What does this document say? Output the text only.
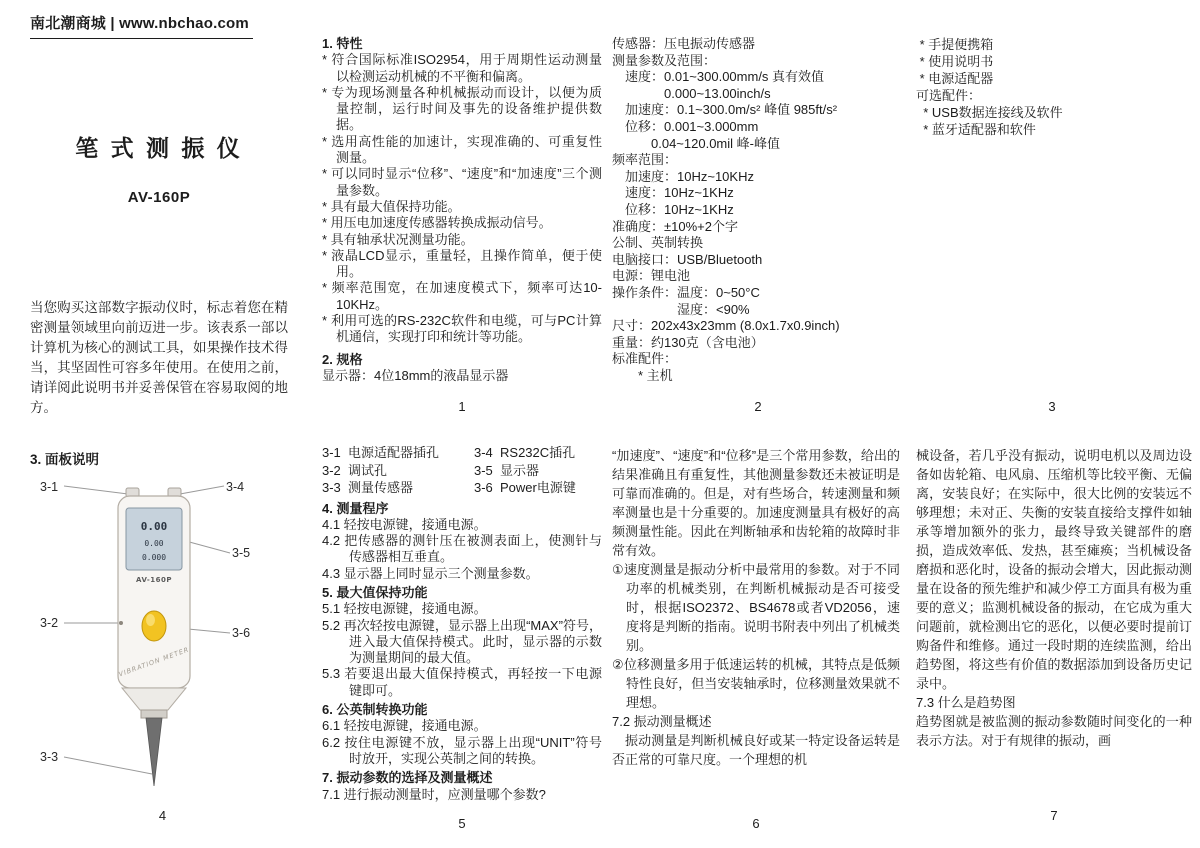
南北潮商城 | www.nbchao.com
笔 式 测 振 仪
AV-160P

当您购买这部数字振动仪时，标志着您在精密测量领域里向前迈进一步。该表系一部以计算机为核心的测试工具，如果操作技术得当，其坚固性可容多年使用。在使用之前，请详阅此说明书并妥善保管在容易取阅的地方。

3. 面板说明
0.00
0.00
0.000
AV-160P
VIBRATION METER
3-1	3-4
3-5
3-2
3-6
3-3
4
1. 特性
* 符合国际标准ISO2954，用于周期性运动测量以检测运动机械的不平衡和偏离。
* 专为现场测量各种机械振动而设计，以便为质量控制，运行时间及事先的设备维护提供数据。
* 选用高性能的加速计，实现准确的、可重复性测量。
* 可以同时显示“位移”、“速度”和“加速度”三个测量参数。
* 具有最大值保持功能。
* 用压电加速度传感器转换成振动信号。
* 具有轴承状况测量功能。
* 液晶LCD显示，重量轻，且操作简单，便于使用。
* 频率范围宽，在加速度模式下，频率可达10-10KHz。
* 利用可选的RS-232C软件和电缆，可与PC计算机通信，实现打印和统计等功能。
2. 规格
显示器：4位18mm的液晶显示器
1
传感器：压电振动传感器
测量参数及范围：
　速度：0.01~300.00mm/s 真有效值
　　　　0.000~13.00inch/s
　加速度：0.1~300.0m/s² 峰值 985ft/s²
　位移：0.001~3.000mm
　　　0.04~120.0mil 峰-峰值
频率范围：
　加速度：10Hz~10KHz
　速度：10Hz~1KHz
　位移：10Hz~1KHz
准确度：±10%+2个字
公制、英制转换
电脑接口：USB/Bluetooth
电源：锂电池
操作条件：温度：0~50°C
　　　　　湿度：<90%
尺寸：202x43x23mm (8.0x1.7x0.9inch)
重量：约130克（含电池）
标准配件：
　　* 主机
2
* 手提便携箱
* 使用说明书
* 电源适配器
可选配件：
* USB数据连接线及软件
* 蓝牙适配器和软件
3
3-1  电源适配器插孔
3-2  调试孔
3-3  测量传感器
3-4  RS232C插孔
3-5  显示器
3-6  Power电源键
4. 测量程序
4.1 轻按电源键，接通电源。
4.2 把传感器的测针压在被测表面上，使测针与传感器相互垂直。
4.3 显示器上同时显示三个测量参数。
5. 最大值保持功能
5.1 轻按电源键，接通电源。
5.2 再次轻按电源键，显示器上出现“MAX”符号，进入最大值保持模式。此时，显示器的示数为测量期间的最大值。
5.3 若要退出最大值保持模式，再轻按一下电源键即可。
6. 公英制转换功能
6.1 轻按电源键，接通电源。
6.2 按住电源键不放，显示器上出现“UNIT”符号时放开，实现公英制之间的转换。
7. 振动参数的选择及测量概述
7.1 进行振动测量时，应测量哪个参数?
5

“加速度”、“速度”和“位移”是三个常用参数，给出的结果准确且有重复性，其他测量参数还未被证明是可靠而准确的。但是，对有些场合，转速测量和频率测量也是十分重要的。加速度测量具有极好的高频测量性能。因此在判断轴承和齿轮箱的故障时非常有效。

①速度测量是振动分析中最常用的参数。对于不同功率的机械类别，在判断机械振动是否可接受时，根据ISO2372、BS4678或者VD2056，速度将是判断的指南。说明书附表中列出了机械类别。

②位移测量多用于低速运转的机械，其特点是低频特性良好，但当安装轴承时，位移测量效果就不理想。

7.2 振动测量概述

振动测量是判断机械良好或某一特定设备运转是否正常的可靠尺度。一个理想的机

6

械设备，若几乎没有振动，说明电机以及周边设备如齿轮箱、电风扇、压缩机等比较平衡、无偏离，安装良好；在实际中，很大比例的安装远不够理想；未对正、失衡的安装直接给支撑件如轴承等增加额外的张力，最终导致关键部件的磨损，造成效率低、发热，甚至瘫痪；当机械设备磨损和恶化时，设备的振动会增大，因此振动测量在设备的预先维护和减少停工方面具有极为重要的意义；监测机械设备的振动，在它成为重大问题前，就检测出它的恶化，以便必要时提前订购备件和维修。通过一段时期的连续监测，给出趋势图，将这些有价值的数据添加到设备历史记录中。

7.3 什么是趋势图

趋势图就是被监测的振动参数随时间变化的一种表示方法。对于有规律的振动，画

7
